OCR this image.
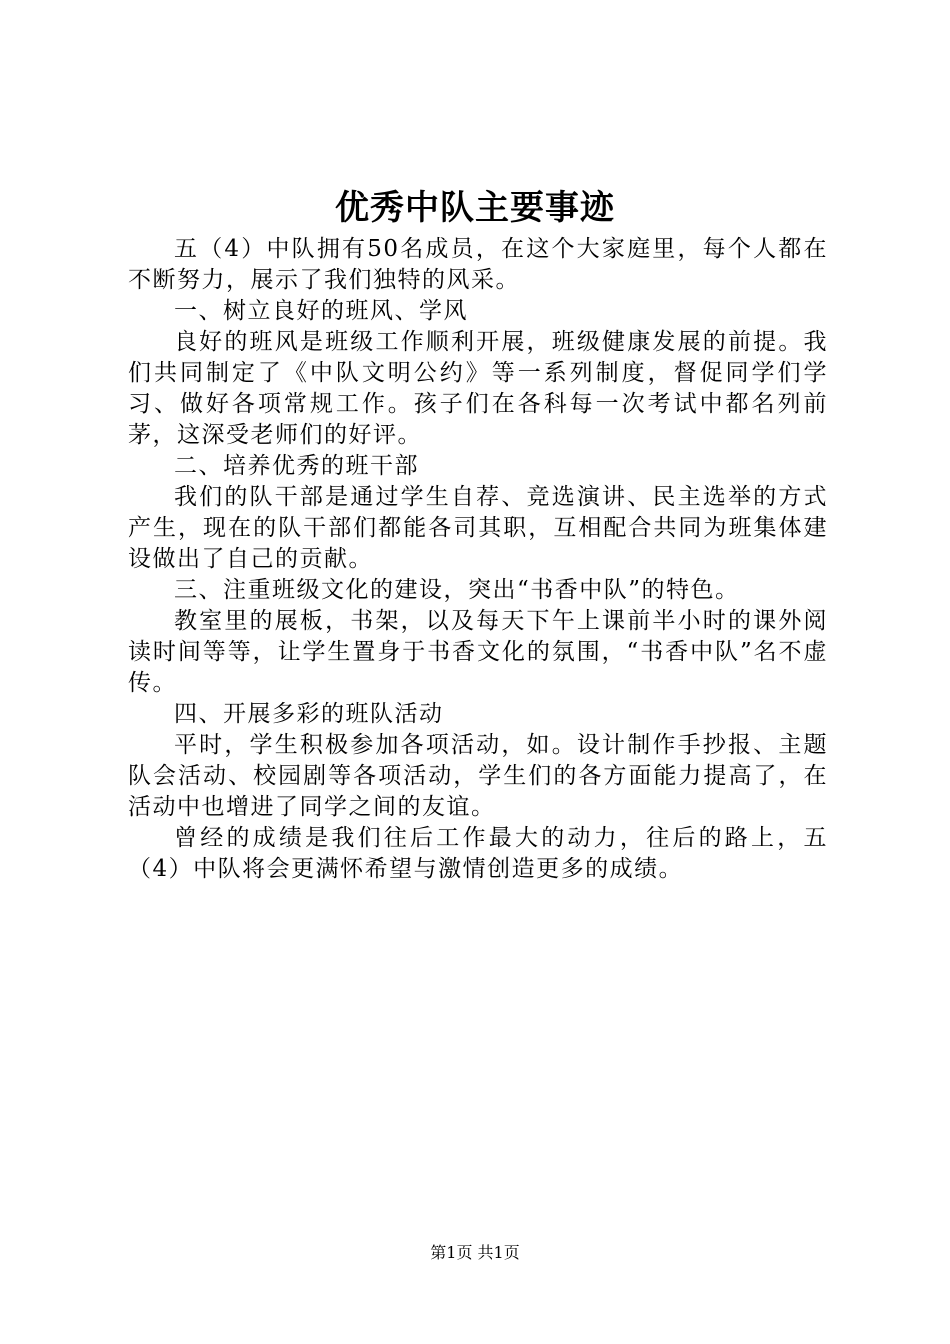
优秀中队主要事迹

五（4）中队拥有50名成员，在这个大家庭里，每个人都在不断努力，展示了我们独特的风采。

一、树立良好的班风、学风

良好的班风是班级工作顺利开展，班级健康发展的前提。我们共同制定了《中队文明公约》等一系列制度，督促同学们学习、做好各项常规工作。孩子们在各科每一次考试中都名列前茅，这深受老师们的好评。

二、培养优秀的班干部

我们的队干部是通过学生自荐、竞选演讲、民主选举的方式产生，现在的队干部们都能各司其职，互相配合共同为班集体建设做出了自己的贡献。

三、注重班级文化的建设，突出“书香中队”的特色。

教室里的展板，书架，以及每天下午上课前半小时的课外阅读时间等等，让学生置身于书香文化的氛围，“书香中队”名不虚传。

四、开展多彩的班队活动

平时，学生积极参加各项活动，如。设计制作手抄报、主题队会活动、校园剧等各项活动，学生们的各方面能力提高了，在活动中也增进了同学之间的友谊。

曾经的成绩是我们往后工作最大的动力，往后的路上，五（4）中队将会更满怀希望与激情创造更多的成绩。

第1页 共1页
